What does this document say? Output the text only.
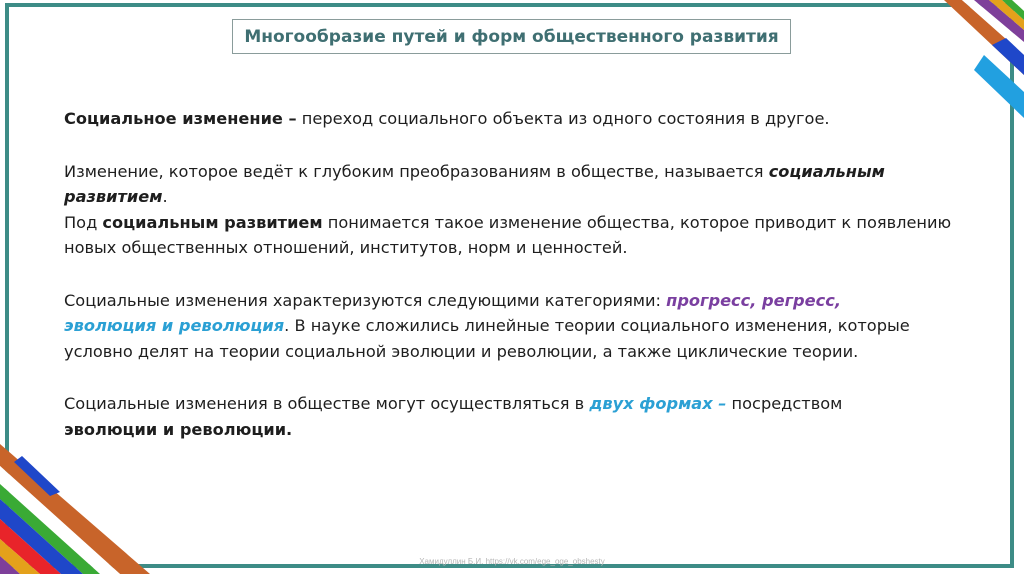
Многообразие путей и форм общественного развития

Социальное изменение – переход социального объекта из одного состояния в другое.

Изменение, которое ведёт к глубоким преобразованиям в обществе, называется социальным развитием.

Под социальным развитием понимается такое изменение общества, которое приводит к появлению новых общественных отношений, институтов, норм и ценностей.

Социальные изменения характеризуются следующими категориями: прогресс, регресс,
эволюция и революция. В науке сложились линейные теории социального изменения, которые условно делят на теории социальной эволюции и революции, а также циклические теории.

Социальные изменения в обществе могут осуществляться в двух формах – посредством
эволюции и революции.

Хамидуллин Б.И. https://vk.com/ege_oge_obshesty
